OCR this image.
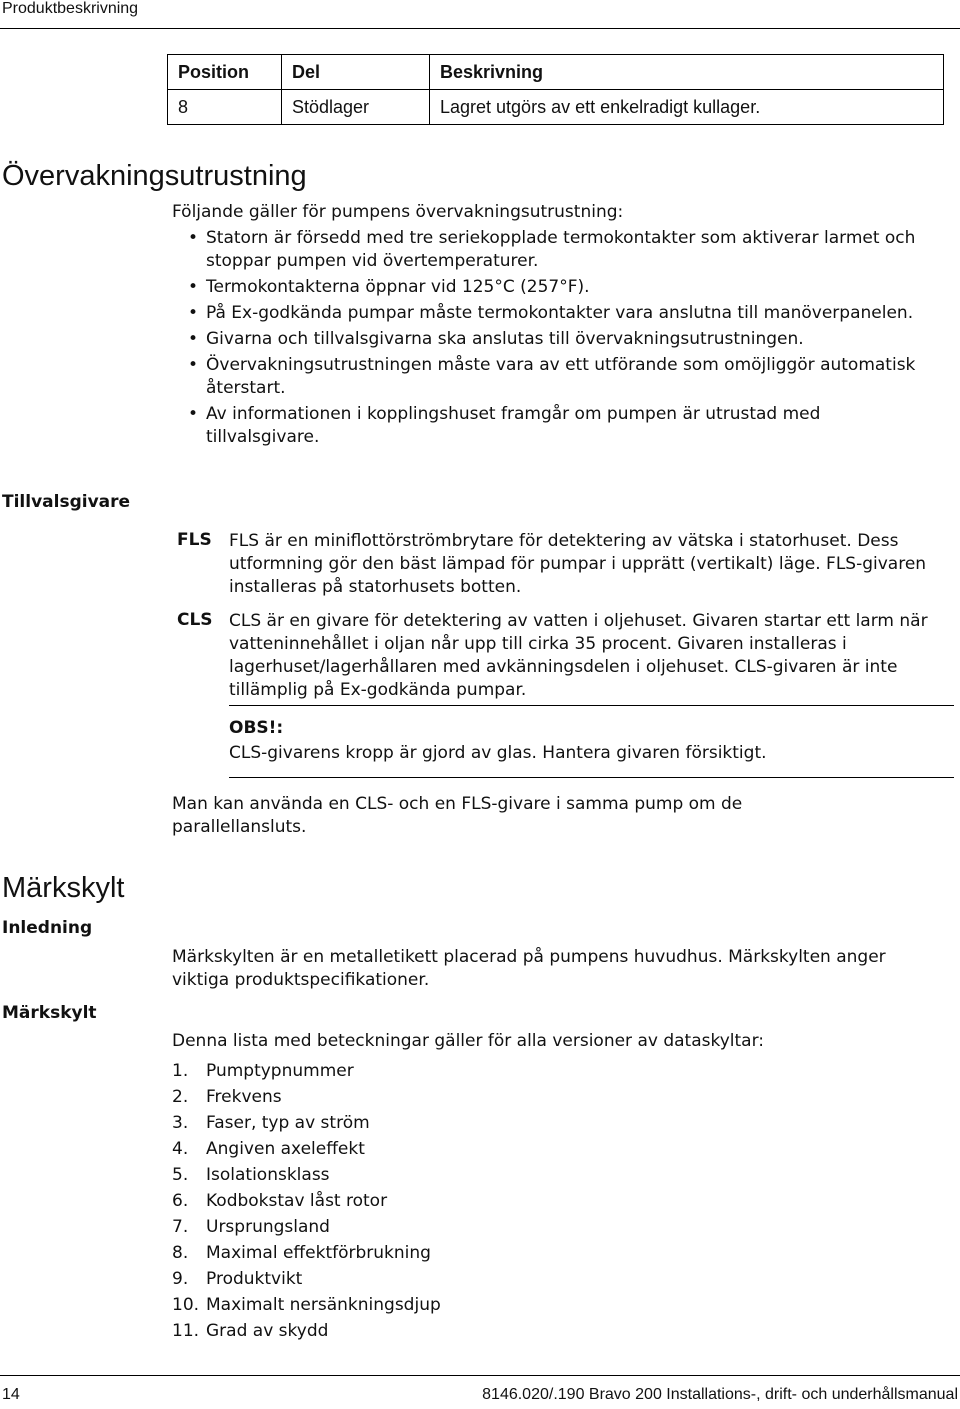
Produktbeskrivning
Position	Del	Beskrivning
8	Stödlager	Lagret utgörs av ett enkelradigt kullager.
Övervakningsutrustning
Följande gäller för pumpens övervakningsutrustning:
• Statorn är försedd med tre seriekopplade termokontakter som aktiverar larmet och stoppar pumpen vid övertemperaturer.
• Termokontakterna öppnar vid 125°C (257°F).
• På Ex-godkända pumpar måste termokontakter vara anslutna till manöverpanelen.
• Givarna och tillvalsgivarna ska anslutas till övervakningsutrustningen.
• Övervakningsutrustningen måste vara av ett utförande som omöjliggör automatisk återstart.
• Av informationen i kopplingshuset framgår om pumpen är utrustad med tillvalsgivare.
Tillvalsgivare
FLS FLS är en miniflottörströmbrytare för detektering av vätska i statorhuset. Dess utformning gör den bäst lämpad för pumpar i upprätt (vertikalt) läge. FLS-givaren installeras på statorhusets botten.
CLS CLS är en givare för detektering av vatten i oljehuset. Givaren startar ett larm när vatteninnehållet i oljan når upp till cirka 35 procent. Givaren installeras i lagerhuset/lagerhållaren med avkänningsdelen i oljehuset. CLS-givaren är inte tillämplig på Ex-godkända pumpar.
OBS!:
CLS-givarens kropp är gjord av glas. Hantera givaren försiktigt.
Man kan använda en CLS- och en FLS-givare i samma pump om de parallellansluts.
Märkskylt
Inledning
Märkskylten är en metalletikett placerad på pumpens huvudhus. Märkskylten anger viktiga produktspecifikationer.
Märkskylt
Denna lista med beteckningar gäller för alla versioner av dataskyltar:
1. Pumptypnummer
2. Frekvens
3. Faser, typ av ström
4. Angiven axeleffekt
5. Isolationsklass
6. Kodbokstav låst rotor
7. Ursprungsland
8. Maximal effektförbrukning
9. Produktvikt
10. Maximalt nersänkningsdjup
11. Grad av skydd
14	8146.020/.190 Bravo 200 Installations-, drift- och underhållsmanual
